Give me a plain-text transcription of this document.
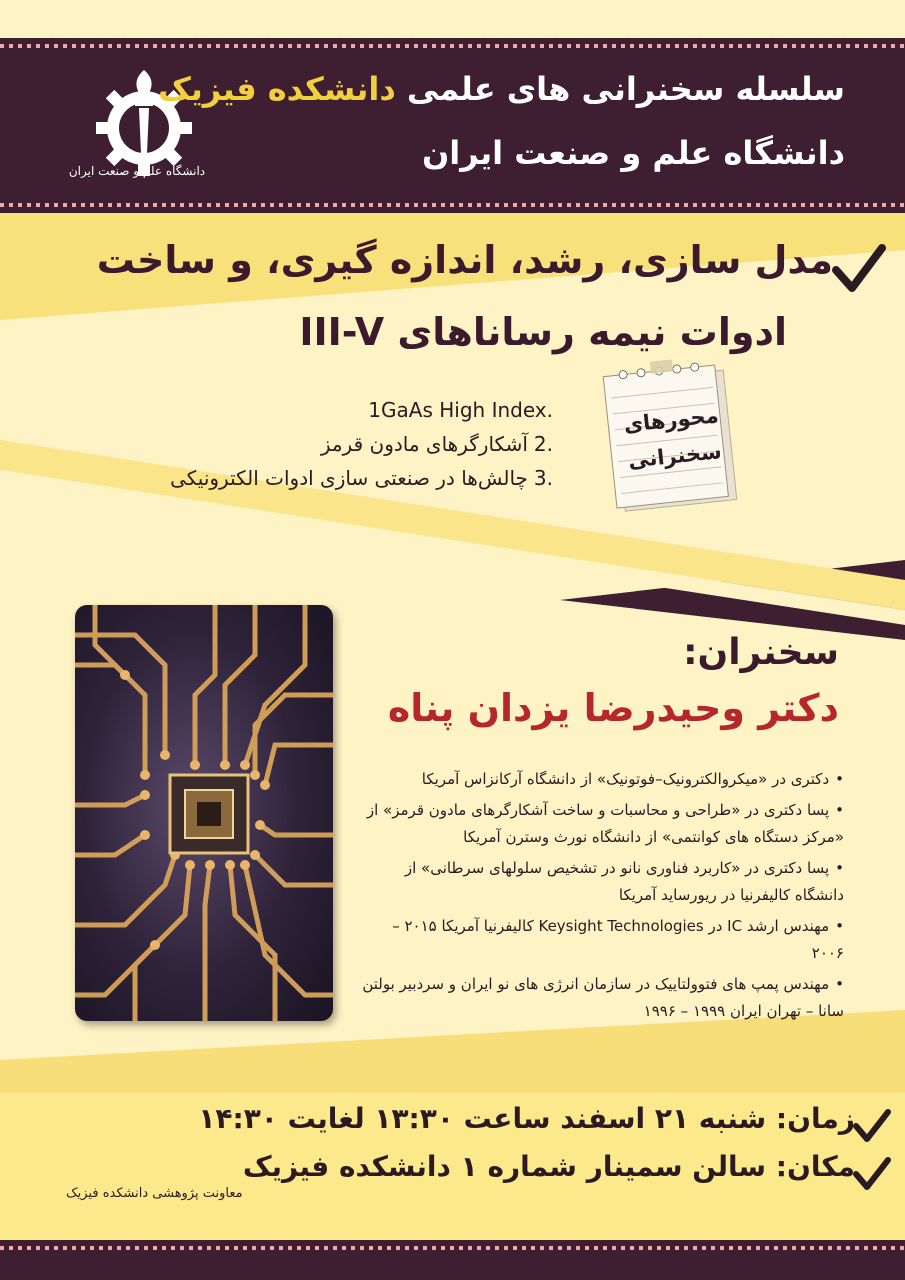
دانشگاه علم و صنعت ایران
سلسله سخنرانی های علمی دانشکده فیزیک
دانشگاه علم و صنعت ایران
مدل سازی، رشد، اندازه گیری، و ساخت
ادوات نیمه رسانا‌های III-V
محورهای
سخنرانی
.1GaAs High Index
.2آشکارگرهای مادون قرمز
.3چالش‌ها در صنعتی سازی ادوات الکترونیکی
سخنران:
دکتر وحیدرضا یزدان پناه
• دکتری در «میکروالکترونیک–فوتونیک» از دانشگاه آرکانزاس آمریکا
• پسا دکتری در «طراحی و محاسبات و ساخت آشکارگرهای مادون قرمز» از «مرکز دستگاه های کوانتمی» از دانشگاه نورث وسترن آمریکا
• پسا دکتری در «کاربرد فناوری نانو در تشخیص سلولهای سرطانی» از دانشگاه کالیفرنیا در ریورساید آمریکا
• مهندس ارشد IC در Keysight Technologies کالیفرنیا آمریکا ۲۰۱۵ – ۲۰۰۶
• مهندس پمپ های فتوولتاییک در سازمان انرژی های نو ایران و سردبیر بولتن سانا – تهران ایران ۱۹۹۹ – ۱۹۹۶
زمان: شنبه ۲۱ اسفند ساعت ۱۳:۳۰ لغایت ۱۴:۳۰
مکان: سالن سمینار شماره ۱ دانشکده فیزیک
معاونت پژوهشی دانشکده فیزیک
